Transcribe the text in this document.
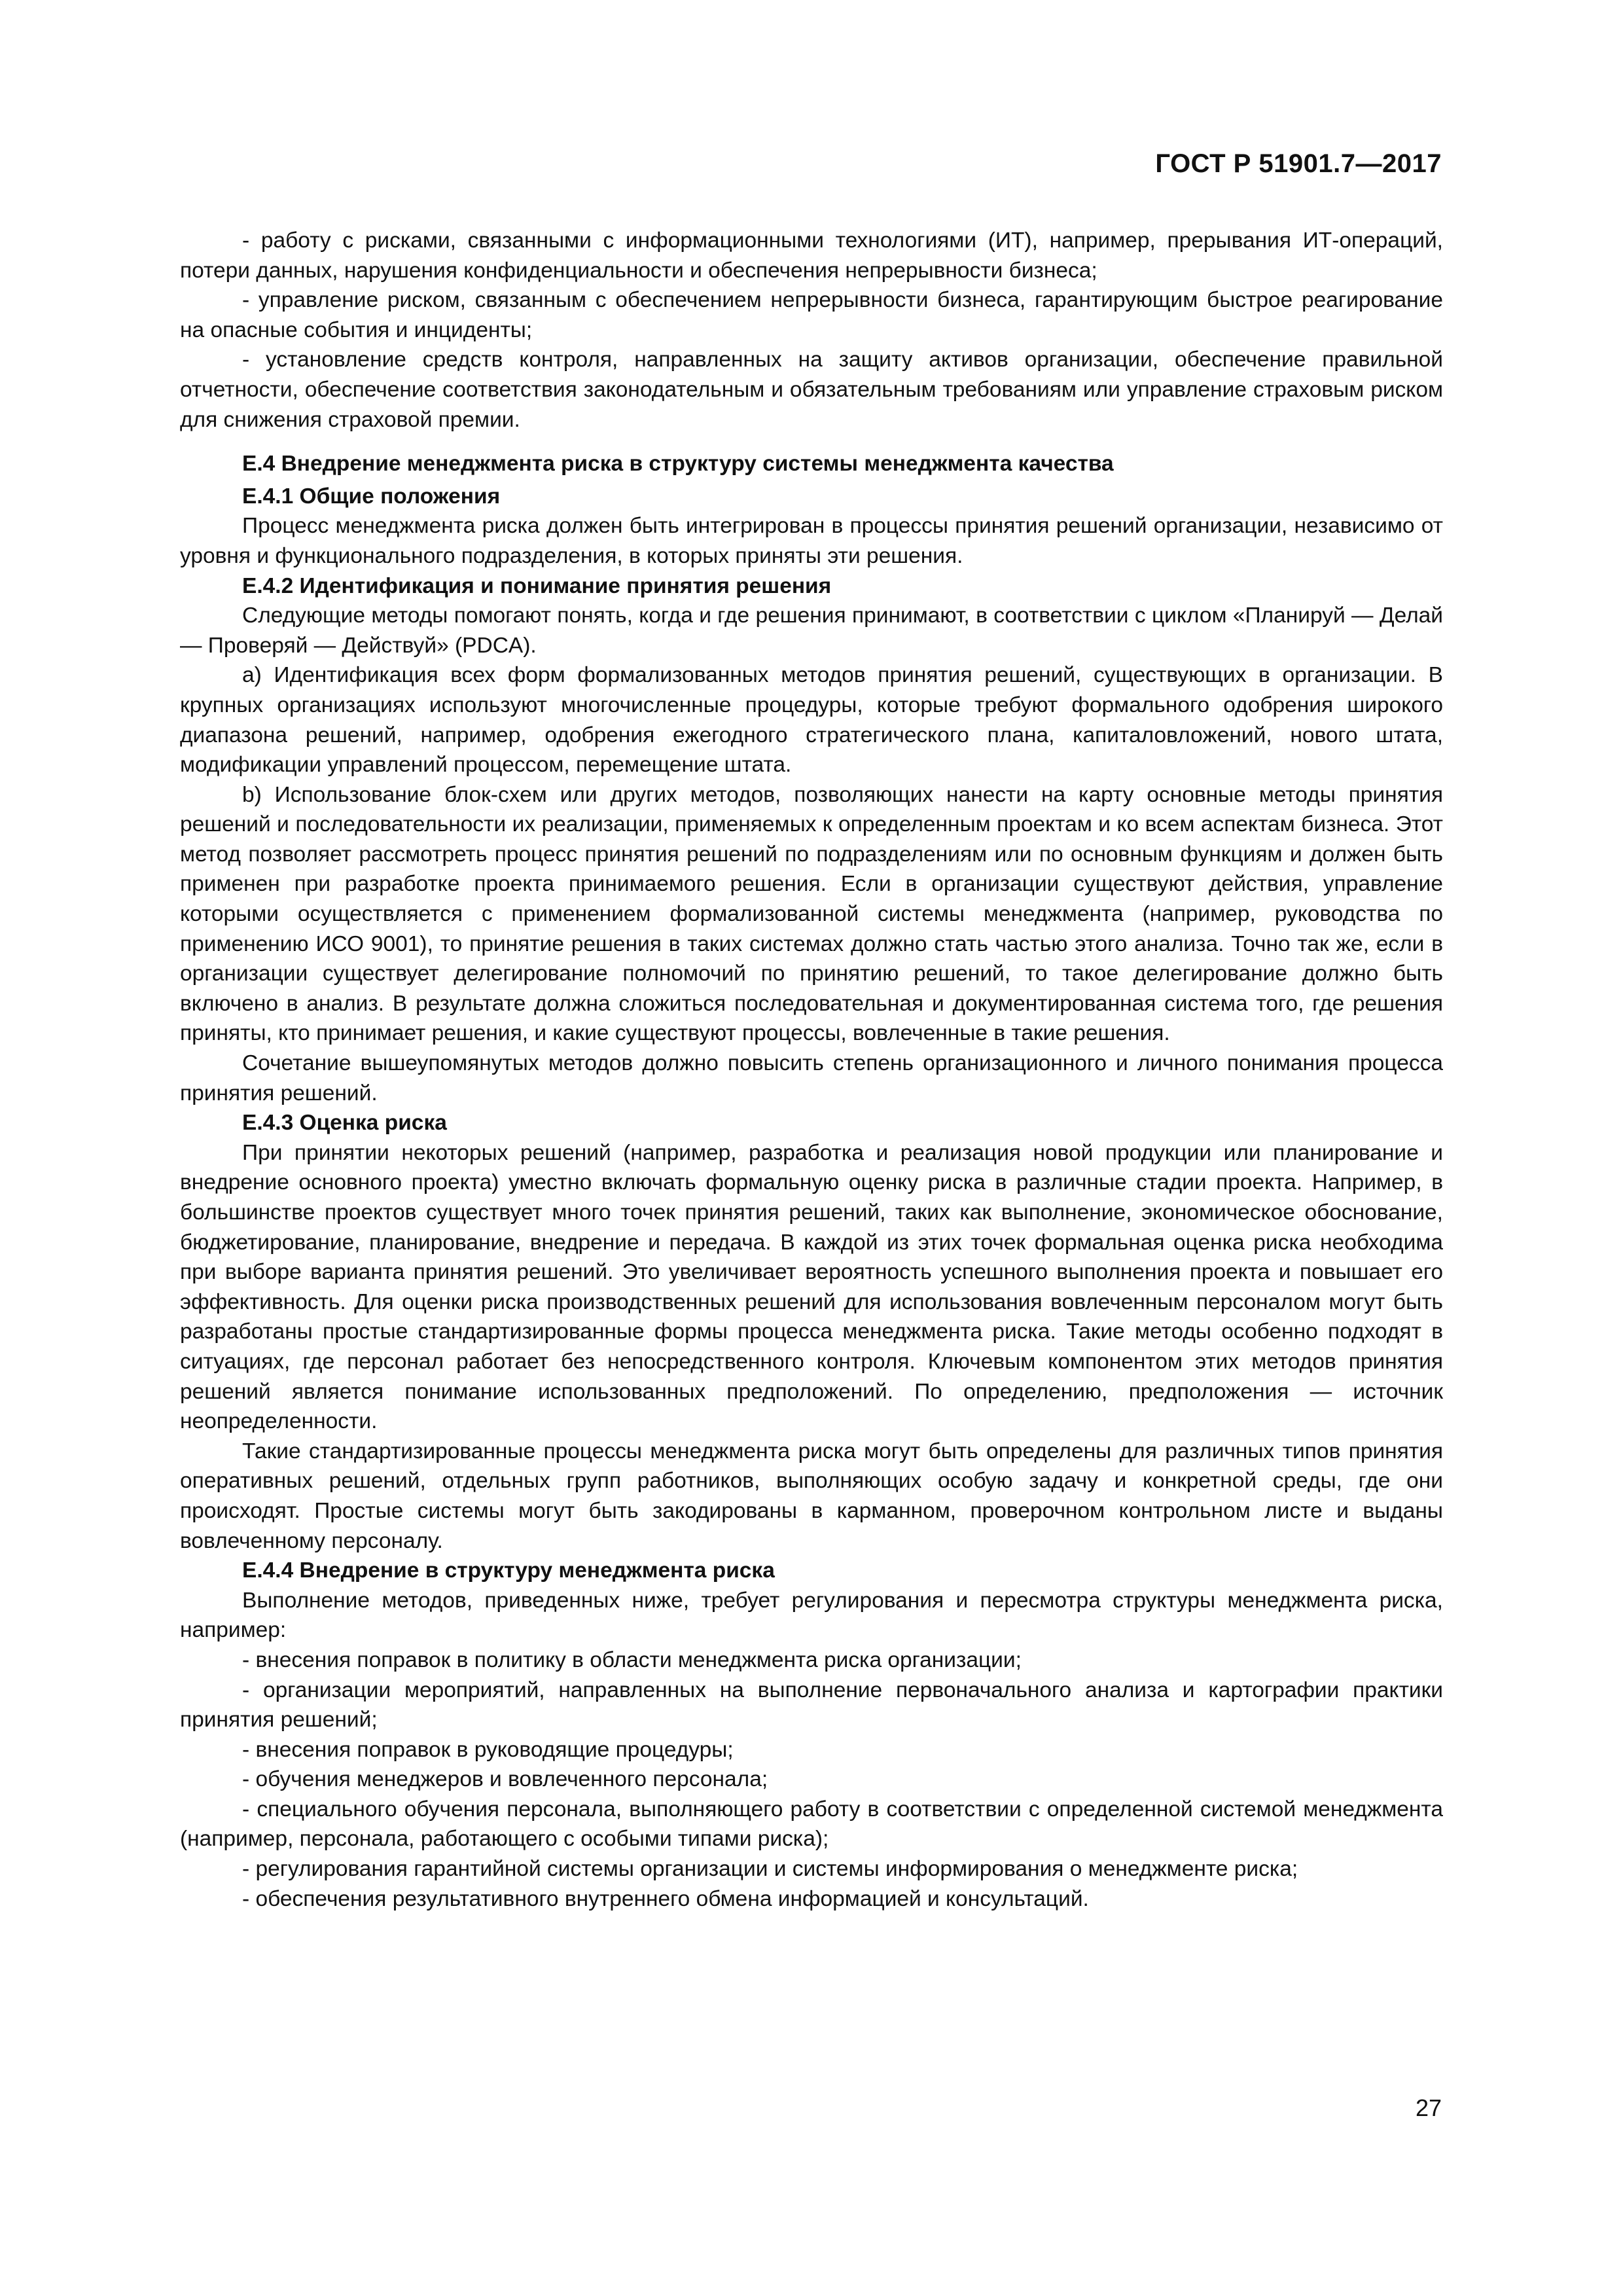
ГОСТ Р 51901.7—2017

- работу с рисками, связанными с информационными технологиями (ИТ), например, прерывания ИТ-операций, потери данных, нарушения конфиденциальности и обеспечения непрерывности бизнеса;

- управление риском, связанным с обеспечением непрерывности бизнеса, гарантирующим быстрое реагирование на опасные события и инциденты;

- установление средств контроля, направленных на защиту активов организации, обеспечение правильной отчетности, обеспечение соответствия законодательным и обязательным требованиям или управление страховым риском для снижения страховой премии.

Е.4 Внедрение менеджмента риска в структуру системы менеджмента качества
Е.4.1 Общие положения

Процесс менеджмента риска должен быть интегрирован в процессы принятия решений организации, независимо от уровня и функционального подразделения, в которых приняты эти решения.

Е.4.2 Идентификация и понимание принятия решения

Следующие методы помогают понять, когда и где решения принимают, в соответствии с циклом «Планируй — Делай — Проверяй — Действуй» (PDCA).

а) Идентификация всех форм формализованных методов принятия решений, существующих в организации. В крупных организациях используют многочисленные процедуры, которые требуют формального одобрения широкого диапазона решений, например, одобрения ежегодного стратегического плана, капиталовложений, нового штата, модификации управлений процессом, перемещение штата.

b) Использование блок-схем или других методов, позволяющих нанести на карту основные методы принятия решений и последовательности их реализации, применяемых к определенным проектам и ко всем аспектам бизнеса. Этот метод позволяет рассмотреть процесс принятия решений по подразделениям или по основным функциям и должен быть применен при разработке проекта принимаемого решения. Если в организации существуют действия, управление которыми осуществляется с применением формализованной системы менеджмента (например, руководства по применению ИСО 9001), то принятие решения в таких системах должно стать частью этого анализа. Точно так же, если в организации существует делегирование полномочий по принятию решений, то такое делегирование должно быть включено в анализ. В результате должна сложиться последовательная и документированная система того, где решения приняты, кто принимает решения, и какие существуют процессы, вовлеченные в такие решения.

Сочетание вышеупомянутых методов должно повысить степень организационного и личного понимания процесса принятия решений.

Е.4.3 Оценка риска

При принятии некоторых решений (например, разработка и реализация новой продукции или планирование и внедрение основного проекта) уместно включать формальную оценку риска в различные стадии проекта. Например, в большинстве проектов существует много точек принятия решений, таких как выполнение, экономическое обоснование, бюджетирование, планирование, внедрение и передача. В каждой из этих точек формальная оценка риска необходима при выборе варианта принятия решений. Это увеличивает вероятность успешного выполнения проекта и повышает его эффективность. Для оценки риска производственных решений для использования вовлеченным персоналом могут быть разработаны простые стандартизированные формы процесса менеджмента риска. Такие методы особенно подходят в ситуациях, где персонал работает без непосредственного контроля. Ключевым компонентом этих методов принятия решений является понимание использованных предположений. По определению, предположения — источник неопределенности.

Такие стандартизированные процессы менеджмента риска могут быть определены для различных типов принятия оперативных решений, отдельных групп работников, выполняющих особую задачу и конкретной среды, где они происходят. Простые системы могут быть закодированы в карманном, проверочном контрольном листе и выданы вовлеченному персоналу.

Е.4.4 Внедрение в структуру менеджмента риска

Выполнение методов, приведенных ниже, требует регулирования и пересмотра структуры менеджмента риска, например:

- внесения поправок в политику в области менеджмента риска организации;

- организации мероприятий, направленных на выполнение первоначального анализа и картографии практики принятия решений;

- внесения поправок в руководящие процедуры;

- обучения менеджеров и вовлеченного персонала;

- специального обучения персонала, выполняющего работу в соответствии с определенной системой менеджмента (например, персонала, работающего с особыми типами риска);

- регулирования гарантийной системы организации и системы информирования о менеджменте риска;

- обеспечения результативного внутреннего обмена информацией и консультаций.

27
